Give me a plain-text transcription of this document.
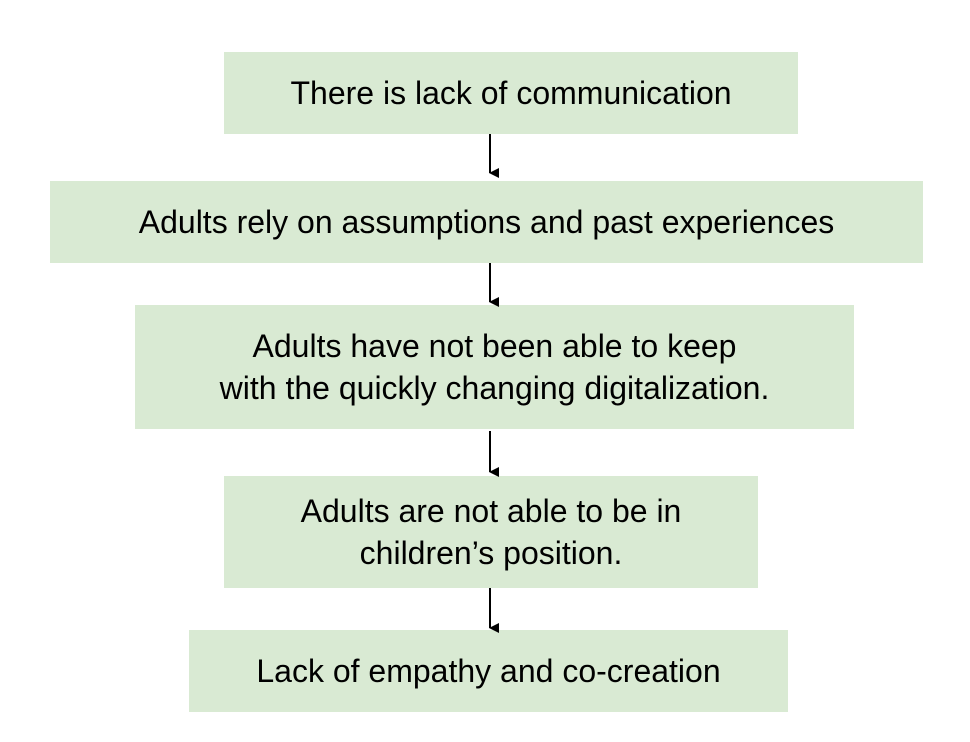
There is lack of communication
Adults rely on assumptions and past experiences
Adults have not been able to keep
with the quickly changing digitalization.
Adults are not able to be in
children’s position.
Lack of empathy and co-creation
